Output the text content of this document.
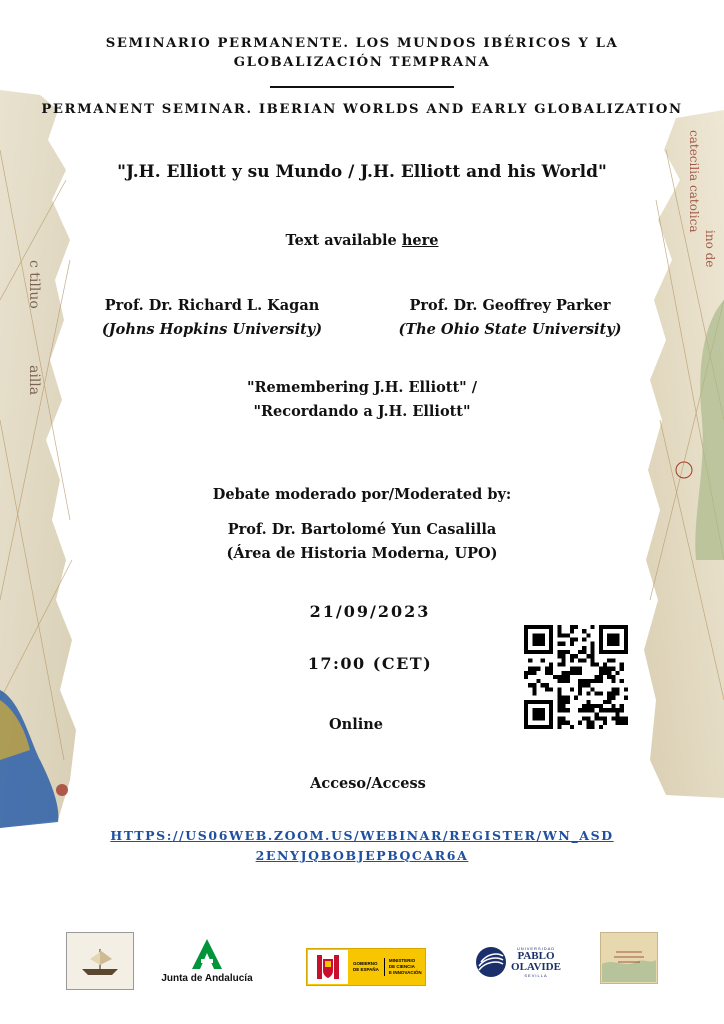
c tilluo
ailla
catecilia catolica
ino de
SEMINARIO PERMANENTE. LOS MUNDOS IBÉRICOS Y LA GLOBALIZACIÓN TEMPRANA
PERMANENT SEMINAR. IBERIAN WORLDS AND EARLY GLOBALIZATION
"J.H. Elliott y su Mundo / J.H. Elliott and his World"
Text available here
Prof. Dr. Richard L. Kagan
(Johns Hopkins University)
Prof. Dr. Geoffrey Parker
(The Ohio State University)
"Remembering J.H. Elliott" /
"Recordando a J.H. Elliott"
Debate moderado por/Moderated by:
Prof. Dr. Bartolomé Yun Casalilla
(Área de Historia Moderna, UPO)
21/09/2023
17:00 (CET)
Online
Acceso/Access
HTTPS://US06WEB.ZOOM.US/WEBINAR/REGISTER/WN_ASD
2ENYJQBOBJEPBQCAR6A
Junta de Andalucía
GOBIERNO
DE ESPAÑA
MINISTERIO
DE CIENCIA
E INNOVACIÓN
UNIVERSIDAD
PABLO
OLAVIDE
SEVILLA
